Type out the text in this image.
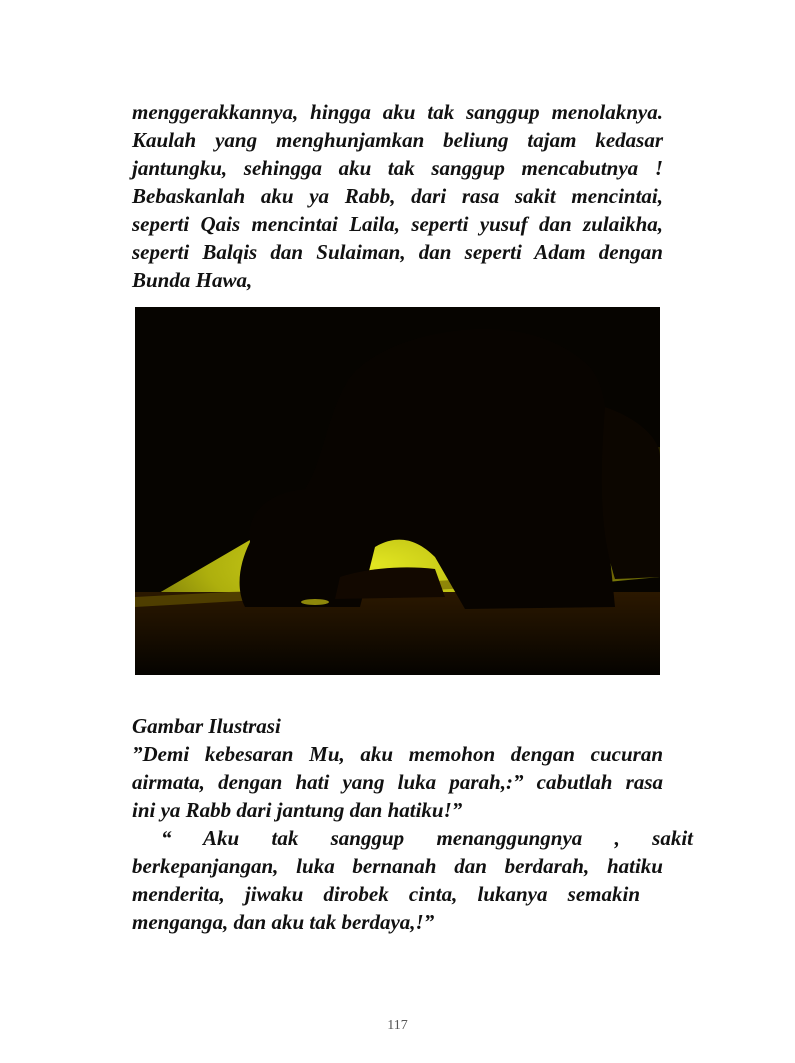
menggerakkannya, hingga aku tak sanggup menolaknya.
Kaulah yang menghunjamkan beliung tajam kedasar
jantungku, sehingga aku tak sanggup mencabutnya !
Bebaskanlah aku ya Rabb, dari rasa sakit mencintai,
seperti Qais mencintai Laila, seperti yusuf dan zulaikha,
seperti Balqis dan Sulaiman, dan seperti Adam dengan
Bunda Hawa,
Gambar Ilustrasi
”Demi kebesaran Mu, aku memohon dengan cucuran
airmata, dengan hati yang luka parah,:” cabutlah rasa
ini ya Rabb dari jantung dan hatiku!”
“ Aku tak sanggup menanggungnya , sakit
berkepanjangan, luka bernanah dan berdarah, hatiku
menderita, jiwaku dirobek cinta, lukanya semakin
menganga, dan aku tak berdaya,!”
117
